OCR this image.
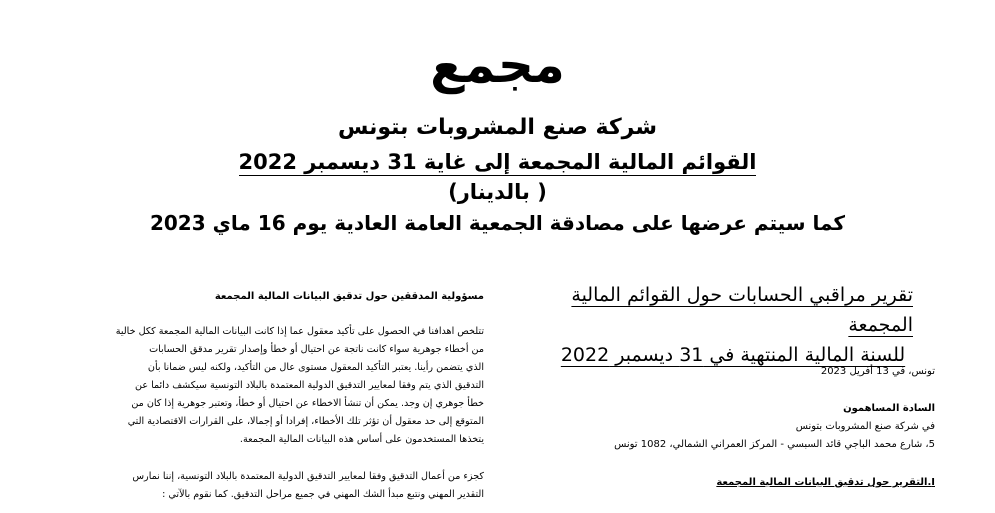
مجمع
شركة صنع المشروبات بتونس
القوائم المالية المجمعة إلى غاية 31 ديسمبر 2022
( بالدينار)
كما سيتم عرضها على مصادقة الجمعية العامة العادية يوم 16 ماي 2023
تقرير مراقبي الحسابات حول القوائم المالية المجمعة
للسنة المالية المنتهية في 31 ديسمبر 2022
تونس، في 13 أفريل 2023
السادة المساهمون
في شركة صنع المشروبات بتونس
5، شارع محمد الباجي قائد السبسي - المركز العمراني الشمالي، 1082 تونس
I.التقرير حول تدقيق البيانات المالية المجمعة
مسؤولية المدققين حول تدقيق البيانات المالية المجمعة
تتلخص اهدافنا في الحصول على تأكيد معقول عما إذا كانت البيانات المالية المجمعة ككل خالية
من أخطاء جوهرية سواء كانت ناتجة عن احتيال أو خطأ وإصدار تقرير مدقق الحسابات
الذي يتضمن رأينا. يعتبر التأكيد المعقول مستوى عال من التأكيد، ولكنه ليس ضمانا بأن
التدقيق الذي يتم وفقا لمعايير التدقيق الدولية المعتمدة بالبلاد التونسية سيكشف دائما عن
خطأ جوهري إن وجد. يمكن أن تنشأ الاخطاء عن احتيال أو خطأ، وتعتبر جوهرية إذا كان من
المتوقع إلى حد معقول أن تؤثر تلك الأخطاء، إفرادا أو إجمالا، على القرارات الاقتصادية التي
يتخذها المستخدمون على أساس هذه البيانات المالية المجمعة.
كجزء من أعمال التدقيق وفقا لمعايير التدقيق الدولية المعتمدة بالبلاد التونسية، إننا نمارس
التقدير المهني ونتبع مبدأ الشك المهني في جميع مراحل التدقيق. كما نقوم بالآتي :
